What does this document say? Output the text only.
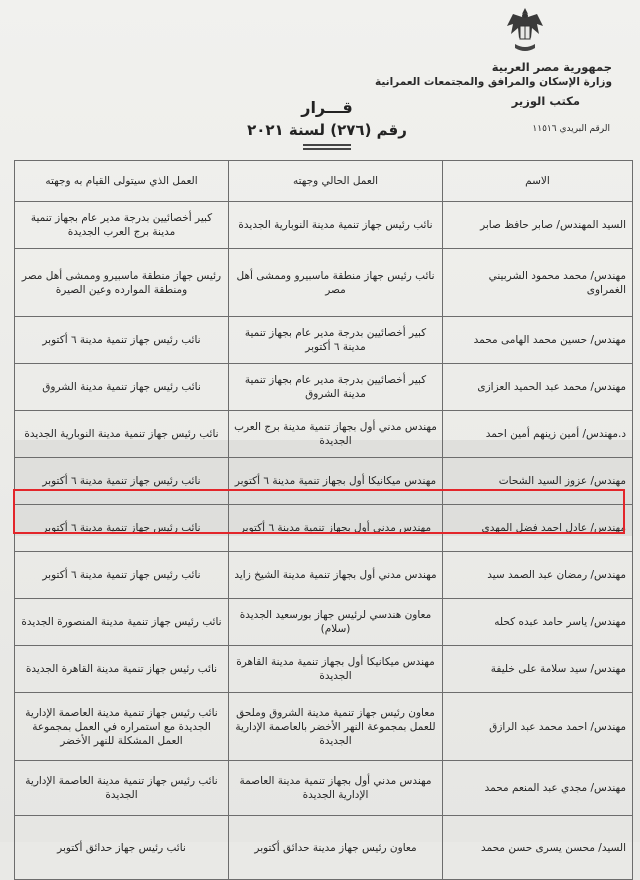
جمهورية مصر العربية
وزارة الإسكان والمرافق والمجتمعات العمرانية
مكتب الوزير
الرقم البريدي ١١٥١٦
قـــرار
رقم (٢٧٦) لسنة ٢٠٢١
الاسم	العمل الحالي وجهته	العمل الذي سيتولى القيام به وجهته
السيد المهندس/ صابر حافظ صابر	نائب رئيس جهاز تنمية مدينة النوبارية الجديدة	كبير أخصائيين بدرجة مدير عام بجهاز تنمية مدينة برج العرب الجديدة
مهندس/ محمد محمود الشربيني الغمراوى	نائب رئيس جهاز منطقة ماسبيرو وممشى أهل مصر	رئيس جهاز منطقة ماسبيرو وممشى أهل مصر ومنطقة الموارده وعين الصيرة
مهندس/ حسين محمد الهامى محمد	كبير أخصائيين بدرجة مدير عام بجهاز تنمية مدينة ٦ أكتوبر	نائب رئيس جهاز تنمية مدينة ٦ أكتوبر
مهندس/ محمد عبد الحميد العزازى	كبير أخصائيين بدرجة مدير عام بجهاز تنمية مدينة الشروق	نائب رئيس جهاز تنمية مدينة الشروق
د.مهندس/ أمين زينهم أمين احمد	مهندس مدني أول بجهاز تنمية مدينة برج العرب الجديدة	نائب رئيس جهاز تنمية مدينة النوبارية الجديدة
مهندس/ عزوز السيد الشحات	مهندس ميكانيكا أول بجهاز تنمية مدينة ٦ أكتوبر	نائب رئيس جهاز تنمية مدينة ٦ أكتوبر
مهندس/ عادل احمد فضل المهدي	مهندس مدني أول بجهاز تنمية مدينة ٦ أكتوبر	نائب رئيس جهاز تنمية مدينة ٦ أكتوبر
مهندس/ رمضان عبد الصمد سيد	مهندس مدني أول بجهاز تنمية مدينة الشيخ زايد	نائب رئيس جهاز تنمية مدينة ٦ أكتوبر
مهندس/ ياسر حامد عبده كحله	معاون هندسي لرئيس جهاز بورسعيد الجديدة (سلام)	نائب رئيس جهاز تنمية مدينة المنصورة الجديدة
مهندس/ سيد سلامة على خليفة	مهندس ميكانيكا أول بجهاز تنمية مدينة القاهرة الجديدة	نائب رئيس جهاز تنمية مدينة القاهرة الجديدة
مهندس/ احمد محمد عبد الرازق	معاون رئيس جهاز تنمية مدينة الشروق وملحق للعمل بمجموعة النهر الأخضر بالعاصمة الإدارية الجديدة	نائب رئيس جهاز تنمية مدينة العاصمة الإدارية الجديدة مع استمراره في العمل بمجموعة العمل المشكلة للنهر الأخضر
مهندس/ مجدي عبد المنعم محمد	مهندس مدني أول بجهاز تنمية مدينة العاصمة الإدارية الجديدة	نائب رئيس جهاز تنمية مدينة العاصمة الإدارية الجديدة
السيد/ محسن يسرى حسن محمد	معاون رئيس جهاز مدينة حدائق أكتوبر	نائب رئيس جهاز حدائق أكتوبر
